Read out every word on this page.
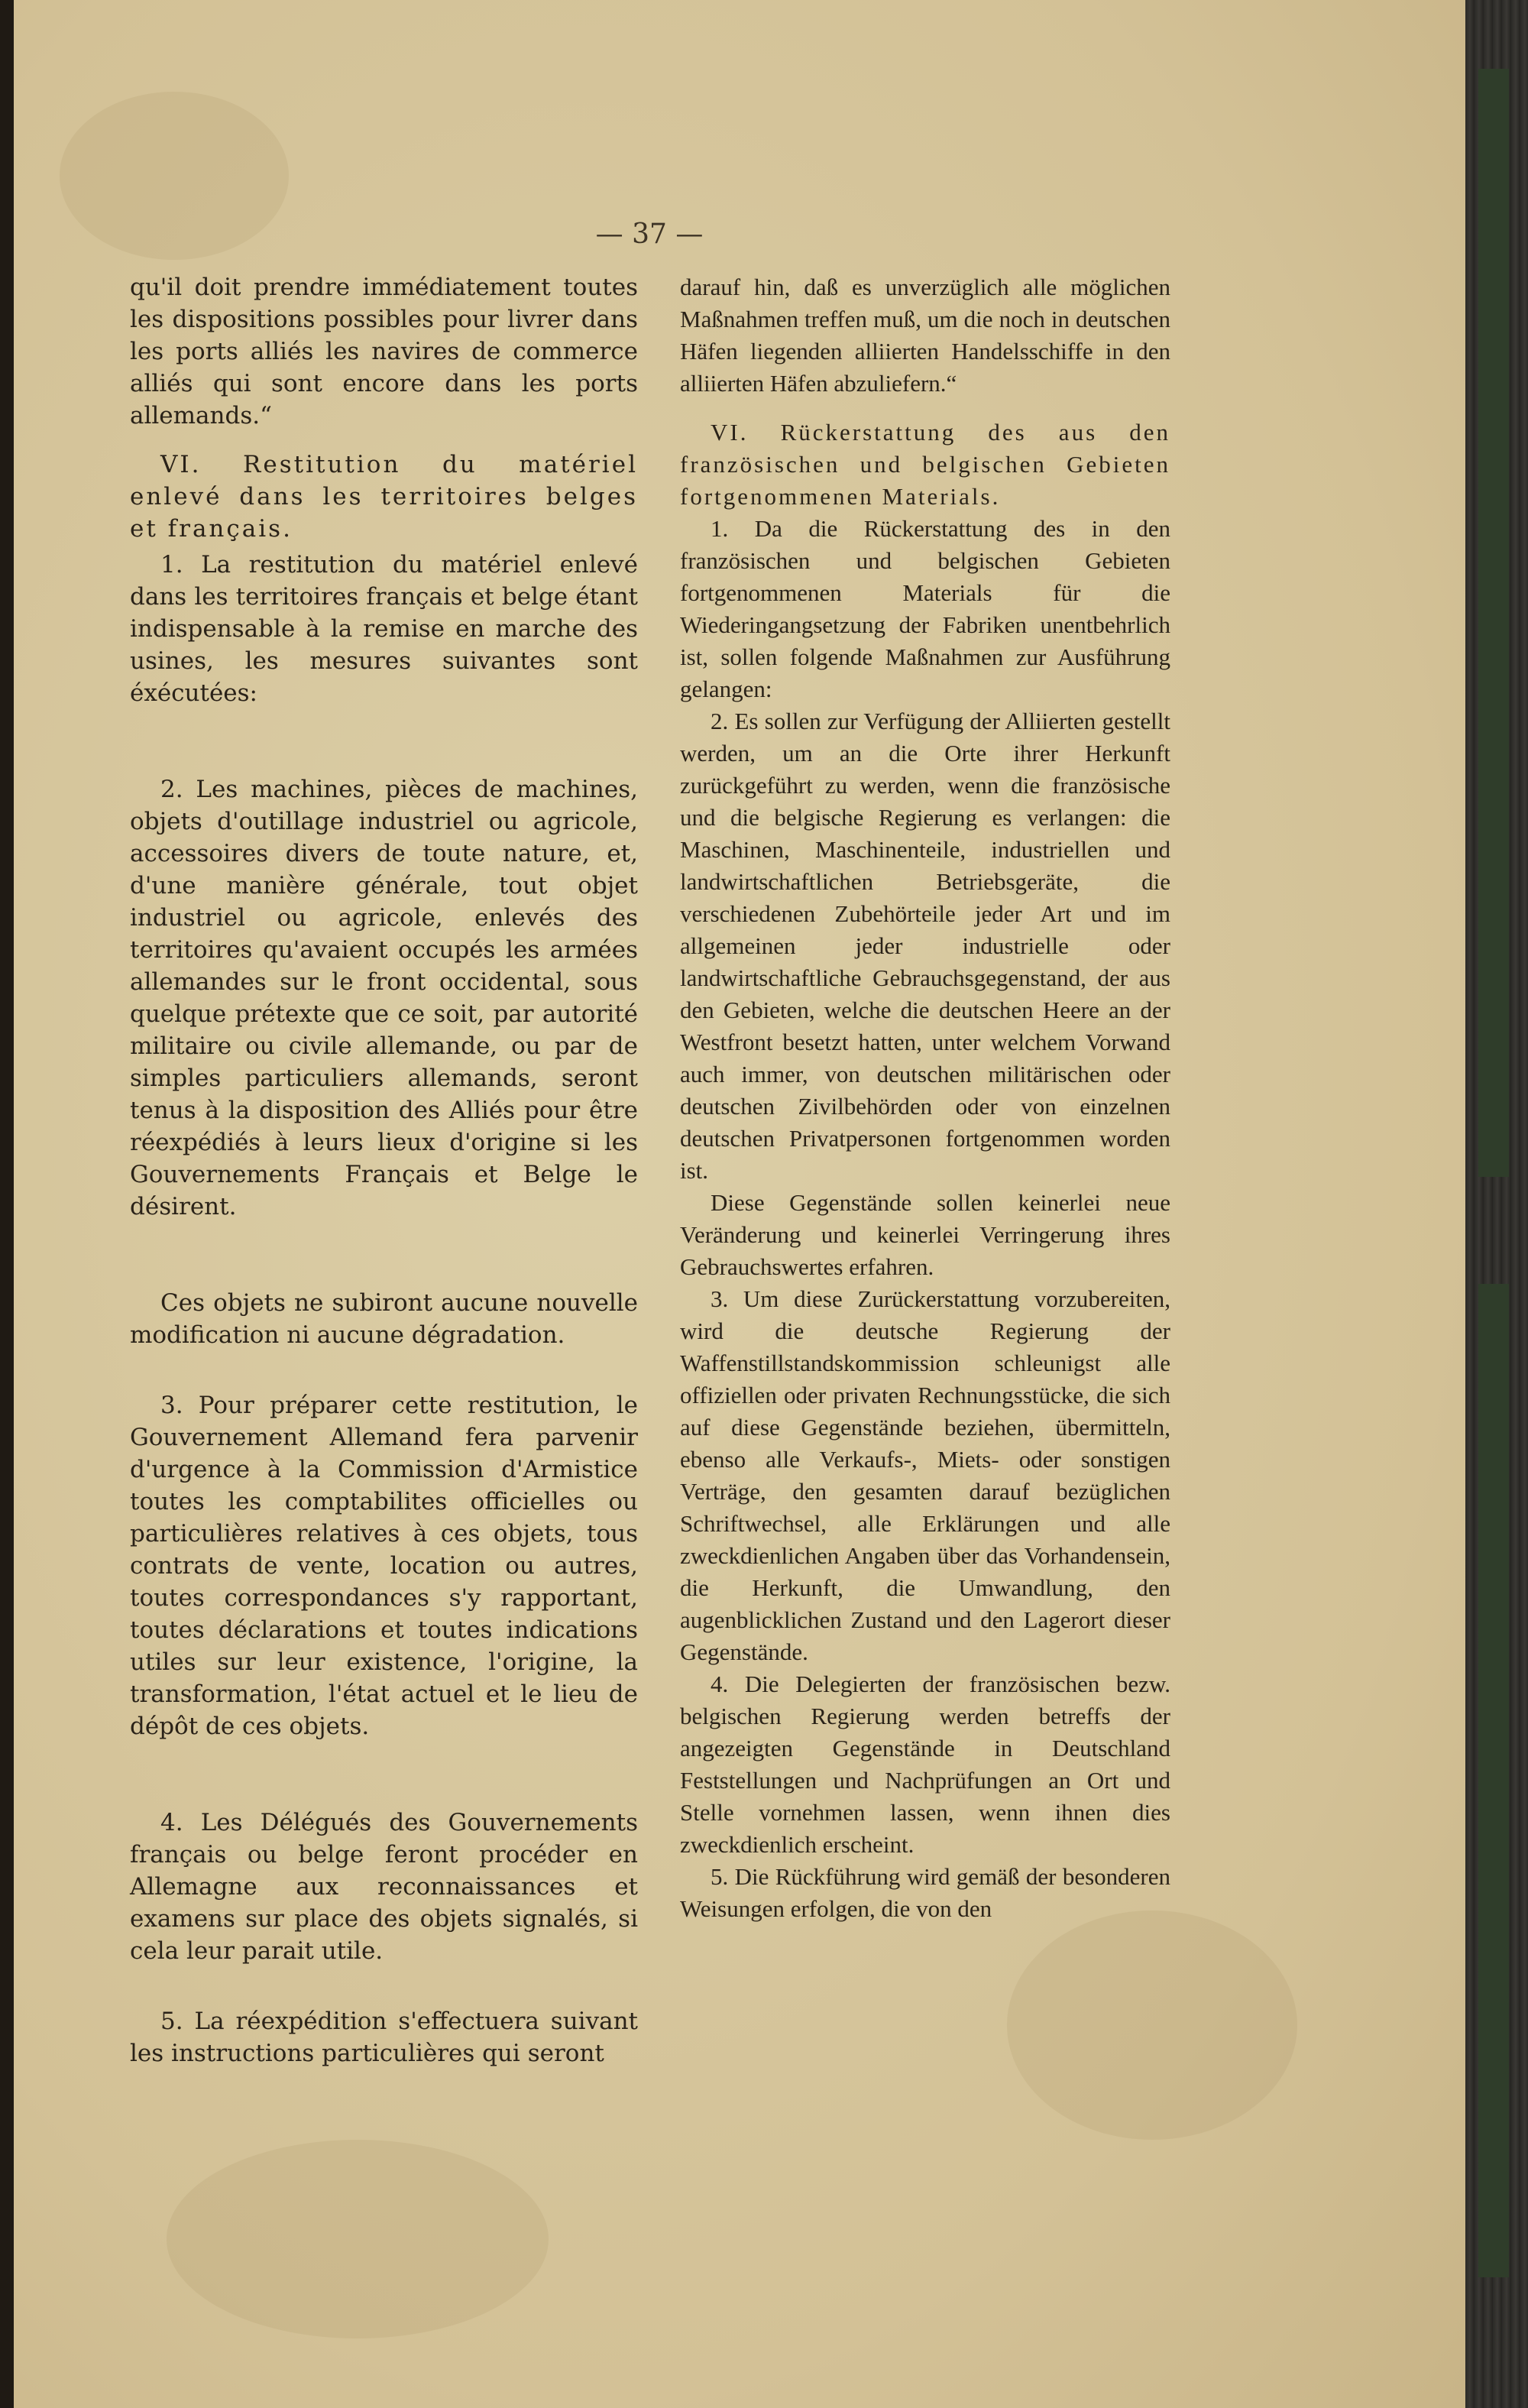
— 37 —

qu'il doit prendre immédiatement toutes les dispositions possibles pour livrer dans les ports alliés les navires de commerce alliés qui sont encore dans les ports allemands.“

VI. Restitution du matériel enlevé dans les territoires belges et français.

1. La restitution du matériel enlevé dans les territoires français et belge étant indispensable à la remise en marche des usines, les mesures suivantes sont éxécutées:

2. Les machines, pièces de machines, objets d'outillage industriel ou agricole, accessoires divers de toute nature, et, d'une manière générale, tout objet industriel ou agricole, enlevés des territoires qu'avaient occupés les armées allemandes sur le front occidental, sous quelque prétexte que ce soit, par autorité militaire ou civile allemande, ou par de simples particuliers allemands, seront tenus à la disposition des Alliés pour être réexpédiés à leurs lieux d'origine si les Gouvernements Français et Belge le désirent.

Ces objets ne subiront aucune nouvelle modification ni aucune dégradation.

3. Pour préparer cette restitution, le Gouvernement Allemand fera parvenir d'urgence à la Commission d'Armistice toutes les comptabilites officielles ou particulières relatives à ces objets, tous contrats de vente, location ou autres, toutes correspondances s'y rapportant, toutes déclarations et toutes indications utiles sur leur existence, l'origine, la transformation, l'état actuel et le lieu de dépôt de ces objets.

4. Les Délégués des Gouvernements français ou belge feront procéder en Allemagne aux reconnaissances et examens sur place des objets signalés, si cela leur parait utile.

5. La réexpédition s'effectuera suivant les instructions particulières qui seront

darauf hin, daß es unverzüglich alle möglichen Maßnahmen treffen muß, um die noch in deutschen Häfen liegenden alliierten Handelsschiffe in den alliierten Häfen abzuliefern.“

VI. Rückerstattung des aus den französischen und belgischen Gebieten fortgenommenen Materials.

1. Da die Rückerstattung des in den französischen und belgischen Gebieten fortgenommenen Materials für die Wiederingangsetzung der Fabriken unentbehrlich ist, sollen folgende Maßnahmen zur Ausführung gelangen:

2. Es sollen zur Verfügung der Alliierten gestellt werden, um an die Orte ihrer Herkunft zurückgeführt zu werden, wenn die französische und die belgische Regierung es verlangen: die Maschinen, Maschinenteile, industriellen und landwirtschaftlichen Betriebsgeräte, die verschiedenen Zubehörteile jeder Art und im allgemeinen jeder industrielle oder landwirtschaftliche Gebrauchsgegenstand, der aus den Gebieten, welche die deutschen Heere an der Westfront besetzt hatten, unter welchem Vorwand auch immer, von deutschen militärischen oder deutschen Zivilbehörden oder von einzelnen deutschen Privatpersonen fortgenommen worden ist.

Diese Gegenstände sollen keinerlei neue Veränderung und keinerlei Verringerung ihres Gebrauchswertes erfahren.

3. Um diese Zurückerstattung vorzubereiten, wird die deutsche Regierung der Waffenstillstandskommission schleunigst alle offiziellen oder privaten Rechnungsstücke, die sich auf diese Gegenstände beziehen, übermitteln, ebenso alle Verkaufs-, Miets- oder sonstigen Verträge, den gesamten darauf bezüglichen Schriftwechsel, alle Erklärungen und alle zweckdienlichen Angaben über das Vorhandensein, die Herkunft, die Umwandlung, den augenblicklichen Zustand und den Lagerort dieser Gegenstände.

4. Die Delegierten der französischen bezw. belgischen Regierung werden betreffs der angezeigten Gegenstände in Deutschland Feststellungen und Nachprüfungen an Ort und Stelle vornehmen lassen, wenn ihnen dies zweckdienlich erscheint.

5. Die Rückführung wird gemäß der besonderen Weisungen erfolgen, die von den
